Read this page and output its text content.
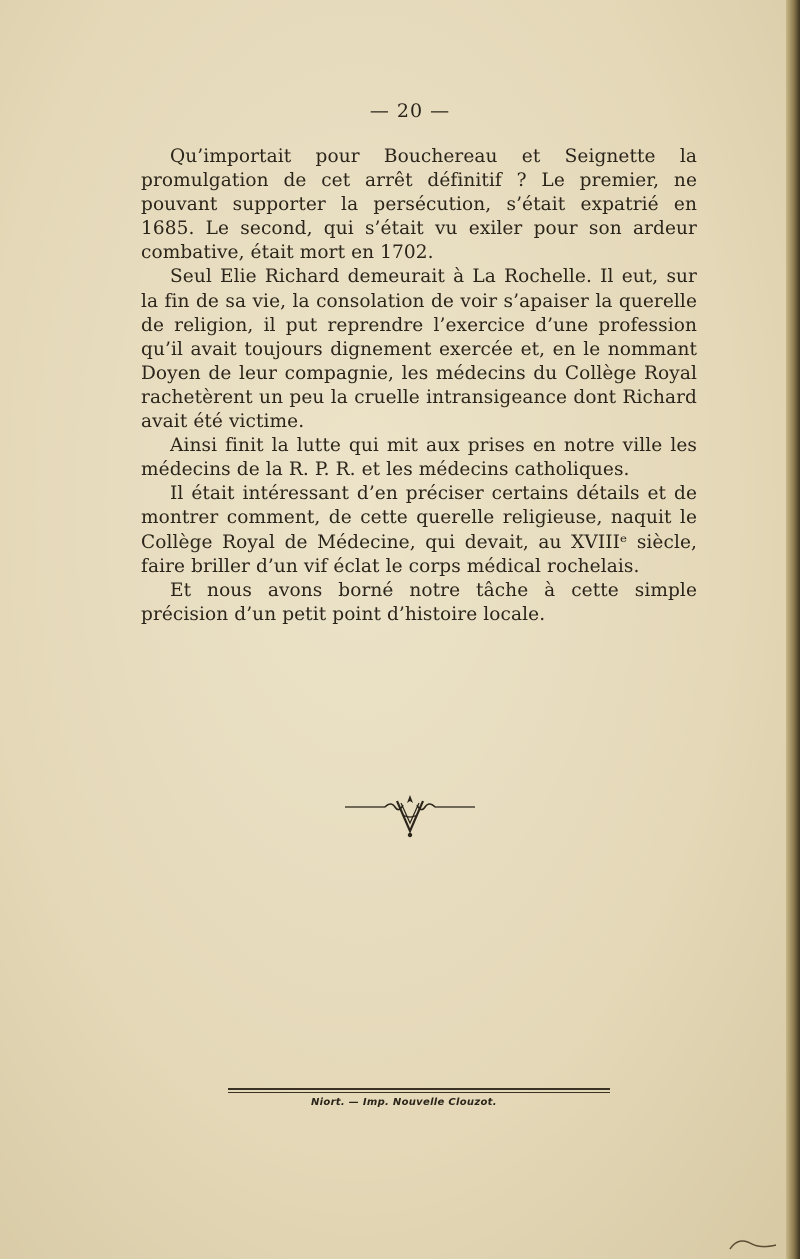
— 20 —

Qu’importait pour Bouchereau et Seignette la promulgation de cet arrêt définitif ? Le premier, ne pouvant supporter la persécution, s’était expatrié en 1685. Le second, qui s’était vu exiler pour son ardeur combative, était mort en 1702.

Seul Elie Richard demeurait à La Rochelle. Il eut, sur la fin de sa vie, la consolation de voir s’apaiser la querelle de religion, il put reprendre l’exercice d’une profession qu’il avait toujours dignement exercée et, en le nommant Doyen de leur compagnie, les médecins du Collège Royal rachetèrent un peu la cruelle intransigeance dont Richard avait été victime.

Ainsi finit la lutte qui mit aux prises en notre ville les médecins de la R. P. R. et les médecins catholiques.

Il était intéressant d’en préciser certains détails et de montrer comment, de cette querelle religieuse, naquit le Collège Royal de Médecine, qui devait, au XVIIIᵉ siècle, faire briller d’un vif éclat le corps médical rochelais.

Et nous avons borné notre tâche à cette simple précision d’un petit point d’histoire locale.

Niort. — Imp. Nouvelle Clouzot.
